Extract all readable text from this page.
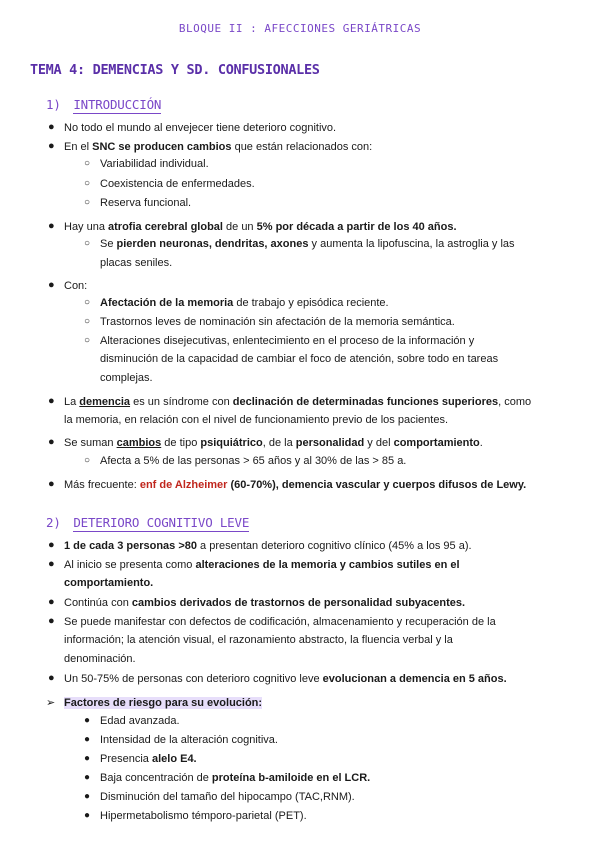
BLOQUE II : AFECCIONES GERIÁTRICAS
TEMA 4: DEMENCIAS Y SD. CONFUSIONALES
1) INTRODUCCIÓN
● No todo el mundo al envejecer tiene deterioro cognitivo.
● En el SNC se producen cambios que están relacionados con:
○ Variabilidad individual.
○ Coexistencia de enfermedades.
○ Reserva funcional.
● Hay una atrofia cerebral global de un 5% por década a partir de los 40 años.
○ Se pierden neuronas, dendritas, axones y aumenta la lipofuscina, la astroglia y las
placas seniles.
● Con:
○ Afectación de la memoria de trabajo y episódica reciente.
○ Trastornos leves de nominación sin afectación de la memoria semántica.
○ Alteraciones disejecutivas, enlentecimiento en el proceso de la información y
disminución de la capacidad de cambiar el foco de atención, sobre todo en tareas
complejas.
● La demencia es un síndrome con declinación de determinadas funciones superiores, como
la memoria, en relación con el nivel de funcionamiento previo de los pacientes.
● Se suman cambios de tipo psiquiátrico, de la personalidad y del comportamiento.
○ Afecta a 5% de las personas > 65 años y al 30% de las > 85 a.
● Más frecuente: enf de Alzheimer (60-70%), demencia vascular y cuerpos difusos de Lewy.
2) DETERIORO COGNITIVO LEVE
● 1 de cada 3 personas >80 a presentan deterioro cognitivo clínico (45% a los 95 a).
● Al inicio se presenta como alteraciones de la memoria y cambios sutiles en el
comportamiento.
● Continúa con cambios derivados de trastornos de personalidad subyacentes.
● Se puede manifestar con defectos de codificación, almacenamiento y recuperación de la
información; la atención visual, el razonamiento abstracto, la fluencia verbal y la
denominación.
● Un 50-75% de personas con deterioro cognitivo leve evolucionan a demencia en 5 años.
➢ Factores de riesgo para su evolución:
● Edad avanzada.
● Intensidad de la alteración cognitiva.
● Presencia alelo E4.
● Baja concentración de proteína b-amiloide en el LCR.
● Disminución del tamaño del hipocampo (TAC,RNM).
● Hipermetabolismo témporo-parietal (PET).
